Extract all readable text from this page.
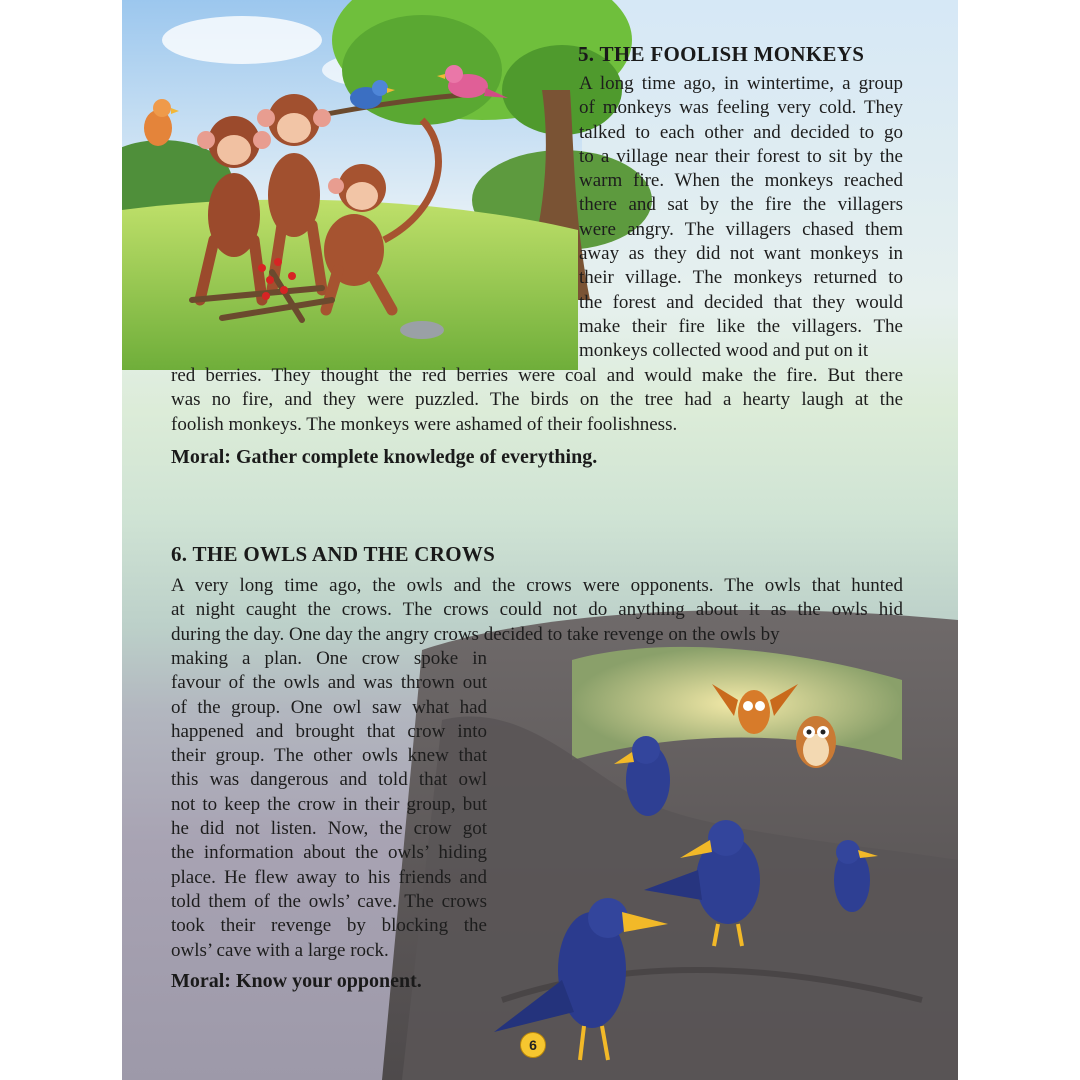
5. THE FOOLISH MONKEYS

A long time ago, in wintertime, a group

of monkeys was feeling very cold. They

talked to each other and decided to go

to a village near their forest to sit by the

warm fire. When the monkeys reached

there and sat by the fire the villagers

were angry. The villagers chased them

away as they did not want monkeys in

their village. The monkeys returned to

the forest and decided that they would

make their fire like the villagers. The

monkeys collected wood and put on it

red berries. They thought the red berries were coal and would make the fire. But there

was no fire, and they were puzzled. The birds on the tree had a hearty laugh at the

foolish monkeys. The monkeys were ashamed of their foolishness.

Moral: Gather complete knowledge of everything.

6. THE OWLS AND THE CROWS

A very long time ago, the owls and the crows were opponents. The owls that hunted

at night caught the crows. The crows could not do anything about it as the owls hid

during the day. One day the angry crows decided to take revenge on the owls by

making a plan. One crow spoke in

favour of the owls and was thrown out

of the group. One owl saw what had

happened and brought that crow into

their group. The other owls knew that

this was dangerous and told that owl

not to keep the crow in their group, but

he did not listen. Now, the crow got

the information about the owls’ hiding

place. He flew away to his friends and

told them of the owls’ cave. The crows

took their revenge by blocking the

owls’ cave with a large rock.

Moral: Know your opponent.

6
